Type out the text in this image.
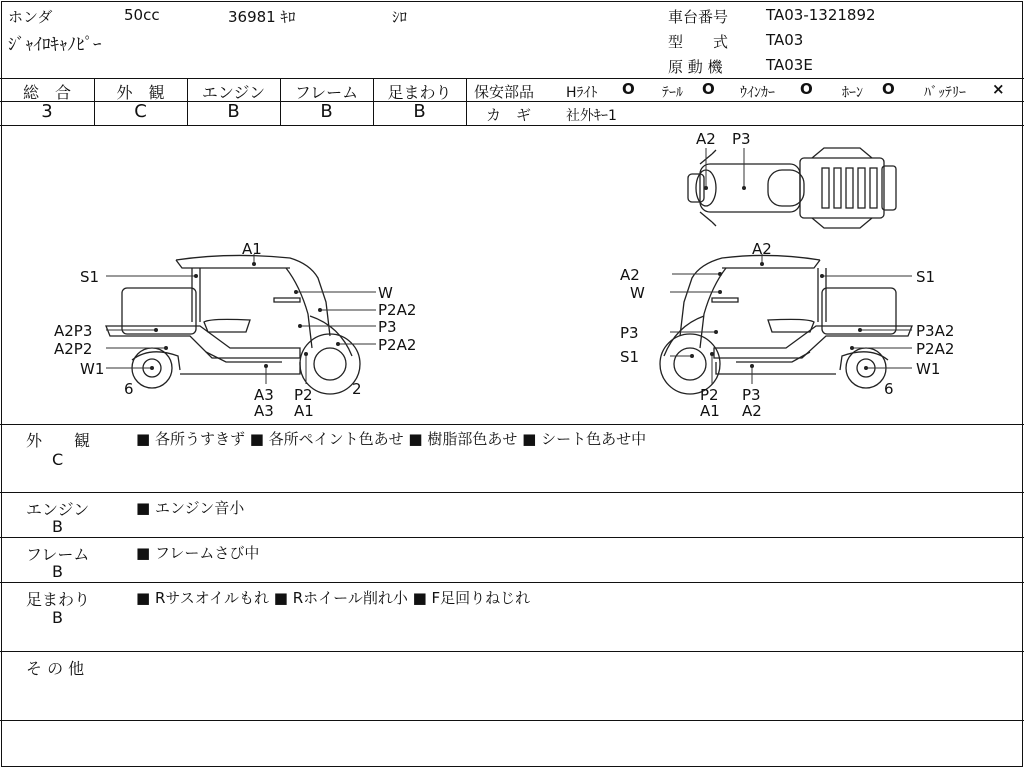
ホンダ	50cc	36981 ｷﾛ	ｼﾛ
ｼﾞｬｲﾛｷｬﾉﾋﾟｰ
車台番号	TA03-1321892
型　　式	TA03
原 動 機	TA03E
総　合	外　観	エンジン	フレーム	足まわり
3	C	B	B	B
保安部品 Hﾗｲﾄ O ﾃｰﾙ O ｳｲﾝｶｰ O ﾎｰﾝ O ﾊﾞｯﾃﾘｰ ×
カ　ギ 社外ｷｰ1
A2 P3
A1
S1
W
P2A2
P3
A2P3
P2A2
A2P2
W1
6	2
A3 P2
A3 A1
A2
A2	S1
W
P3	P3A2
P2A2
S1
W1
6
P2 P3
A1 A2
外　　観
C
■ 各所うすきず ■ 各所ペイント色あせ ■ 樹脂部色あせ ■ シート色あせ中
エンジン
B
■ エンジン音小
フレーム
B
■ フレームさび中
足まわり
B
■ Rサスオイルもれ ■ Rホイール削れ小 ■ F足回りねじれ
そ の 他
